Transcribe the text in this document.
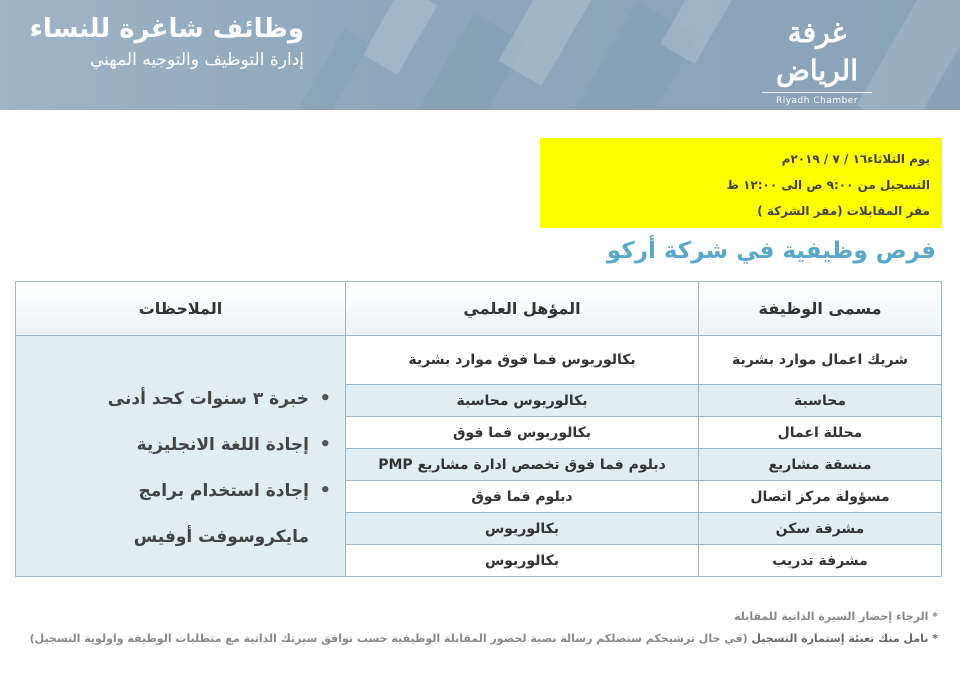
وظائف شاغرة للنساء
إدارة التوظيف والتوجيه المهني
غرفة الرياض
Riyadh Chamber
يوم الثلاثاء١٦ / ٧ / ٢٠١٩م
التسجيل من ٩:٠٠ ص الى ١٢:٠٠ ظ
مقر المقابلات (مقر الشركة )
فرص وظيفية في شركة أركو
الملاحظات	المؤهل العلمي	مسمى الوظيفة
• خبرة ٣ سنوات كحد أدنى
• إجادة اللغة الانجليزية
• إجادة استخدام برامج
مايكروسوفت أوفيس
بكالوريوس فما فوق موارد بشرية	شريك اعمال موارد بشرية
بكالوريوس محاسبة	محاسبة
بكالوريوس فما فوق	محللة اعمال
دبلوم فما فوق تخصص ادارة مشاريع PMP	منسقة مشاريع
دبلوم فما فوق	مسؤولة مركز اتصال
بكالوريوس	مشرفة سكن
بكالوريوس	مشرفة تدريب
* الرجاء إحضار السيرة الذاتية للمقابلة
* نامل منك تعبئة إستمارة التسجيل (في حال ترشيحكم ستصلكم رسالة نصية لحضور المقابلة الوظيفية حسب توافق سيرتك الذاتية مع متطلبات الوظيفة واولوية التسجيل)
